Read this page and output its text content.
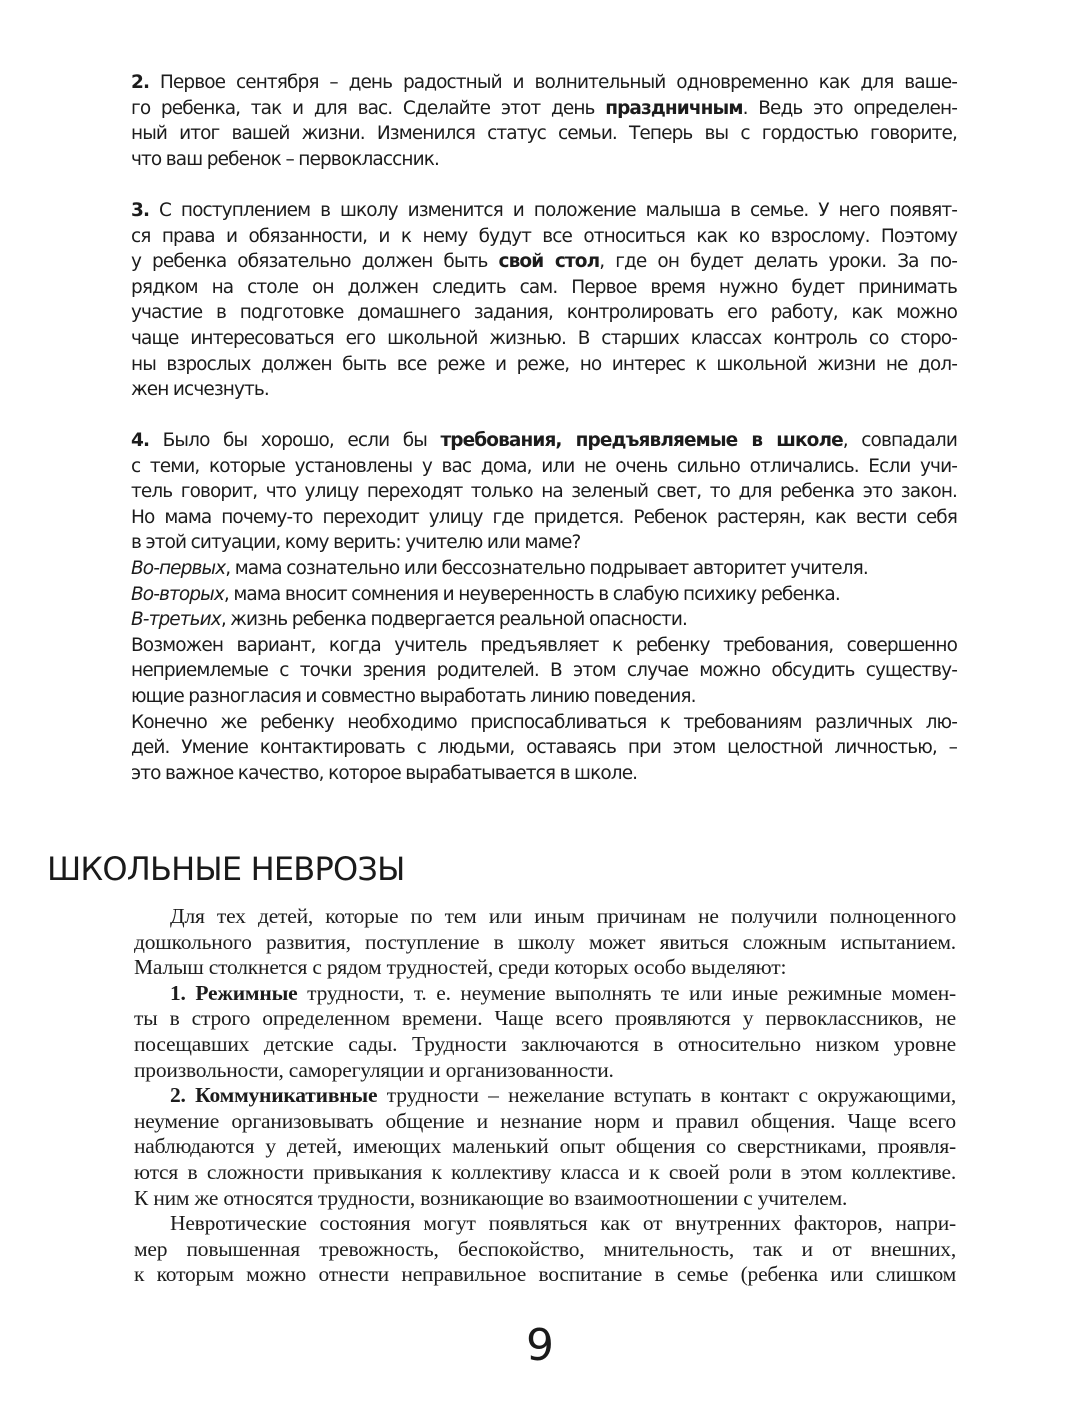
2. Первое сентября – день радостный и волнительный одновременно как для ваше-
го ребенка, так и для вас. Сделайте этот день праздничным. Ведь это определен-
ный итог вашей жизни. Изменился статус семьи. Теперь вы с гордостью говорите,
что ваш ребенок – первоклассник.
3. С поступлением в школу изменится и положение малыша в семье. У него появят-
ся права и обязанности, и к нему будут все относиться как ко взрослому. Поэтому
у ребенка обязательно должен быть свой стол, где он будет делать уроки. За по-
рядком на столе он должен следить сам. Первое время нужно будет принимать
участие в подготовке домашнего задания, контролировать его работу, как можно
чаще интересоваться его школьной жизнью. В старших классах контроль со сторо-
ны взрослых должен быть все реже и реже, но интерес к школьной жизни не дол-
жен исчезнуть.
4. Было бы хорошо, если бы требования, предъявляемые в школе, совпадали
с теми, которые установлены у вас дома, или не очень сильно отличались. Если учи-
тель говорит, что улицу переходят только на зеленый свет, то для ребенка это закон.
Но мама почему-то переходит улицу где придется. Ребенок растерян, как вести себя
в этой ситуации, кому верить: учителю или маме?
Во-первых, мама сознательно или бессознательно подрывает авторитет учителя.
Во-вторых, мама вносит сомнения и неуверенность в слабую психику ребенка.
В-третьих, жизнь ребенка подвергается реальной опасности.
Возможен вариант, когда учитель предъявляет к ребенку требования, совершенно
неприемлемые с точки зрения родителей. В этом случае можно обсудить существу-
ющие разногласия и совместно выработать линию поведения.
Конечно же ребенку необходимо приспосабливаться к требованиям различных лю-
дей. Умение контактировать с людьми, оставаясь при этом целостной личностью, –
это важное качество, которое вырабатывается в школе.
ШКОЛЬНЫЕ НЕВРОЗЫ
Для тех детей, которые по тем или иным причинам не получили полноценного
дошкольного развития, поступление в школу может явиться сложным испытанием.
Малыш столкнется с рядом трудностей, среди которых особо выделяют:
1. Режимные трудности, т. е. неумение выполнять те или иные режимные момен-
ты в строго определенном времени. Чаще всего проявляются у первоклассников, не
посещавших детские сады. Трудности заключаются в относительно низком уровне
произвольности, саморегуляции и организованности.
2. Коммуникативные трудности – нежелание вступать в контакт с окружающими,
неумение организовывать общение и незнание норм и правил общения. Чаще всего
наблюдаются у детей, имеющих маленький опыт общения со сверстниками, проявля-
ются в сложности привыкания к коллективу класса и к своей роли в этом коллективе.
К ним же относятся трудности, возникающие во взаимоотношении с учителем.
Невротические состояния могут появляться как от внутренних факторов, напри-
мер повышенная тревожность, беспокойство, мнительность, так и от внешних,
к которым можно отнести неправильное воспитание в семье (ребенка или слишком
9
